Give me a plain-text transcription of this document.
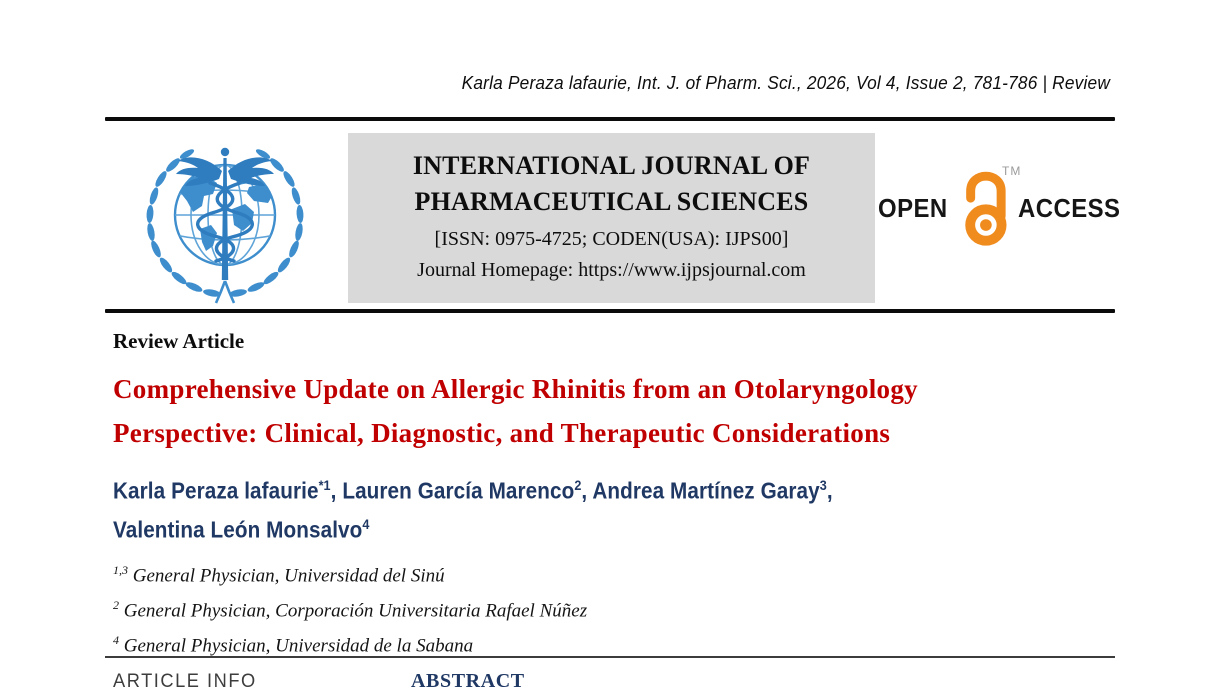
Karla Peraza lafaurie, Int. J. of Pharm. Sci., 2026, Vol 4, Issue 2, 781-786 | Review
INTERNATIONAL JOURNAL OF
PHARMACEUTICAL SCIENCES
[ISSN: 0975-4725; CODEN(USA): IJPS00]
Journal Homepage: https://www.ijpsjournal.com
OPEN	ACCESS
TM
Review Article
Comprehensive Update on Allergic Rhinitis from an Otolaryngology
Perspective: Clinical, Diagnostic, and Therapeutic Considerations
Karla Peraza lafaurie$^{*1}$, Lauren García Marenco$^2$, Andrea Martínez Garay$^3$,
Valentina León Monsalvo$^4$
$^{1,3}$ General Physician, Universidad del Sinú
$^2$ General Physician, Corporación Universitaria Rafael Núñez
$^4$ General Physician, Universidad de la Sabana
ARTICLE INFO	ABSTRACT
